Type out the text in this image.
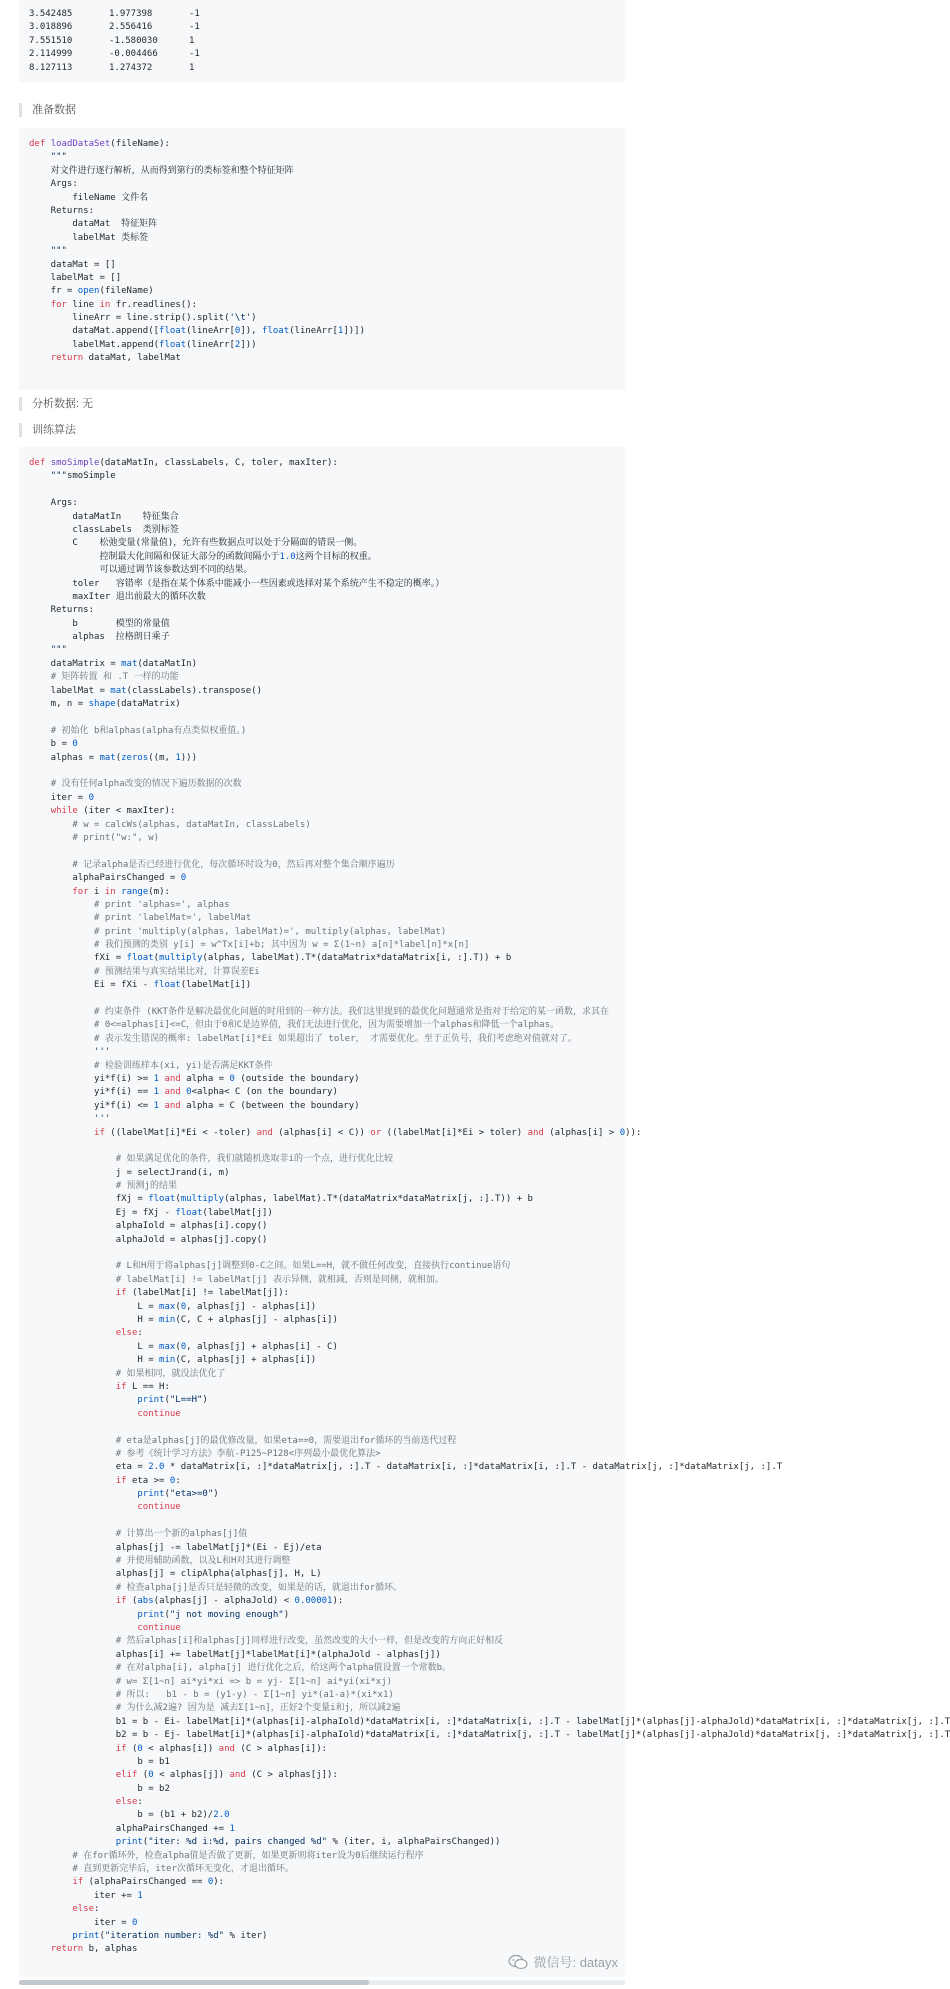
3.542485	1.977398	-1
3.018896	2.556416	-1
7.551510	-1.580030	1
2.114999	-0.004466	-1
8.127113	1.274372	1
准备数据
def loadDataSet(fileName):
"""
对文件进行逐行解析，从而得到第行的类标签和整个特征矩阵
Args:
fileName 文件名
Returns:
dataMat  特征矩阵
labelMat 类标签
"""
dataMat = []
labelMat = []
fr = open(fileName)
for line in fr.readlines():
lineArr = line.strip().split('\t')
dataMat.append([float(lineArr[0]), float(lineArr[1])])
labelMat.append(float(lineArr[2]))
return dataMat, labelMat
分析数据: 无
训练算法
def smoSimple(dataMatIn, classLabels, C, toler, maxIter):
"""smoSimple

Args:
dataMatIn    特征集合
classLabels  类别标签
C    松弛变量(常量值)，允许有些数据点可以处于分隔面的错误一侧。
控制最大化间隔和保证大部分的函数间隔小于1.0这两个目标的权重。
可以通过调节该参数达到不同的结果。
toler   容错率（是指在某个体系中能减小一些因素或选择对某个系统产生不稳定的概率。）
maxIter 退出前最大的循环次数
Returns:
b       模型的常量值
alphas  拉格朗日乘子
"""
dataMatrix = mat(dataMatIn)
# 矩阵转置 和 .T 一样的功能
labelMat = mat(classLabels).transpose()
m, n = shape(dataMatrix)

# 初始化 b和alphas(alpha有点类似权重值。)
b = 0
alphas = mat(zeros((m, 1)))

# 没有任何alpha改变的情况下遍历数据的次数
iter = 0
while (iter < maxIter):
# w = calcWs(alphas, dataMatIn, classLabels)
# print("w:", w)

# 记录alpha是否已经进行优化，每次循环时设为0，然后再对整个集合顺序遍历
alphaPairsChanged = 0
for i in range(m):
# print 'alphas=', alphas
# print 'labelMat=', labelMat
# print 'multiply(alphas, labelMat)=', multiply(alphas, labelMat)
# 我们预测的类别 y[i] = w^Tx[i]+b; 其中因为 w = Σ(1~n) a[n]*label[n]*x[n]
fXi = float(multiply(alphas, labelMat).T*(dataMatrix*dataMatrix[i, :].T)) + b
# 预测结果与真实结果比对，计算误差Ei
Ei = fXi - float(labelMat[i])

# 约束条件 (KKT条件是解决最优化问题的时用到的一种方法。我们这里提到的最优化问题通常是指对于给定的某一函数，求其在
# 0<=alphas[i]<=C，但由于0和C是边界值，我们无法进行优化，因为需要增加一个alphas和降低一个alphas。
# 表示发生错误的概率: labelMat[i]*Ei 如果超出了 toler， 才需要优化。至于正负号，我们考虑绝对值就对了。
'''
# 检验训练样本(xi, yi)是否满足KKT条件
yi*f(i) >= 1 and alpha = 0 (outside the boundary)
yi*f(i) == 1 and 0<alpha< C (on the boundary)
yi*f(i) <= 1 and alpha = C (between the boundary)
'''
if ((labelMat[i]*Ei < -toler) and (alphas[i] < C)) or ((labelMat[i]*Ei > toler) and (alphas[i] > 0)):

# 如果满足优化的条件，我们就随机选取非i的一个点，进行优化比较
j = selectJrand(i, m)
# 预测j的结果
fXj = float(multiply(alphas, labelMat).T*(dataMatrix*dataMatrix[j, :].T)) + b
Ej = fXj - float(labelMat[j])
alphaIold = alphas[i].copy()
alphaJold = alphas[j].copy()

# L和H用于将alphas[j]调整到0-C之间。如果L==H，就不做任何改变，直接执行continue语句
# labelMat[i] != labelMat[j] 表示异侧，就相减，否则是同侧，就相加。
if (labelMat[i] != labelMat[j]):
L = max(0, alphas[j] - alphas[i])
H = min(C, C + alphas[j] - alphas[i])
else:
L = max(0, alphas[j] + alphas[i] - C)
H = min(C, alphas[j] + alphas[i])
# 如果相同，就没法优化了
if L == H:
print("L==H")
continue

# eta是alphas[j]的最优修改量，如果eta==0，需要退出for循环的当前迭代过程
# 参考《统计学习方法》李航-P125~P128<序列最小最优化算法>
eta = 2.0 * dataMatrix[i, :]*dataMatrix[j, :].T - dataMatrix[i, :]*dataMatrix[i, :].T - dataMatrix[j, :]*dataMatrix[j, :].T
if eta >= 0:
print("eta>=0")
continue

# 计算出一个新的alphas[j]值
alphas[j] -= labelMat[j]*(Ei - Ej)/eta
# 并使用辅助函数，以及L和H对其进行调整
alphas[j] = clipAlpha(alphas[j], H, L)
# 检查alpha[j]是否只是轻微的改变，如果是的话，就退出for循环。
if (abs(alphas[j] - alphaJold) < 0.00001):
print("j not moving enough")
continue
# 然后alphas[i]和alphas[j]同样进行改变，虽然改变的大小一样，但是改变的方向正好相反
alphas[i] += labelMat[j]*labelMat[i]*(alphaJold - alphas[j])
# 在对alpha[i], alpha[j] 进行优化之后，给这两个alpha值设置一个常数b。
# w= Σ[1~n] ai*yi*xi => b = yj- Σ[1~n] ai*yi(xi*xj)
# 所以:   b1 - b = (y1-y) - Σ[1~n] yi*(a1-a)*(xi*x1)
# 为什么减2遍? 因为是 减去Σ[1~n]，正好2个变量i和j，所以减2遍
b1 = b - Ei- labelMat[i]*(alphas[i]-alphaIold)*dataMatrix[i, :]*dataMatrix[i, :].T - labelMat[j]*(alphas[j]-alphaJold)*dataMatrix[i, :]*dataMatrix[j, :].T
b2 = b - Ej- labelMat[i]*(alphas[i]-alphaIold)*dataMatrix[i, :]*dataMatrix[j, :].T - labelMat[j]*(alphas[j]-alphaJold)*dataMatrix[j, :]*dataMatrix[j, :].T
if (0 < alphas[i]) and (C > alphas[i]):
b = b1
elif (0 < alphas[j]) and (C > alphas[j]):
b = b2
else:
b = (b1 + b2)/2.0
alphaPairsChanged += 1
print("iter: %d i:%d, pairs changed %d" % (iter, i, alphaPairsChanged))
# 在for循环外，检查alpha值是否做了更新，如果更新则将iter设为0后继续运行程序
# 直到更新完毕后，iter次循环无变化，才退出循环。
if (alphaPairsChanged == 0):
iter += 1
else:
iter = 0
print("iteration number: %d" % iter)
return b, alphas
微信号: datayx
